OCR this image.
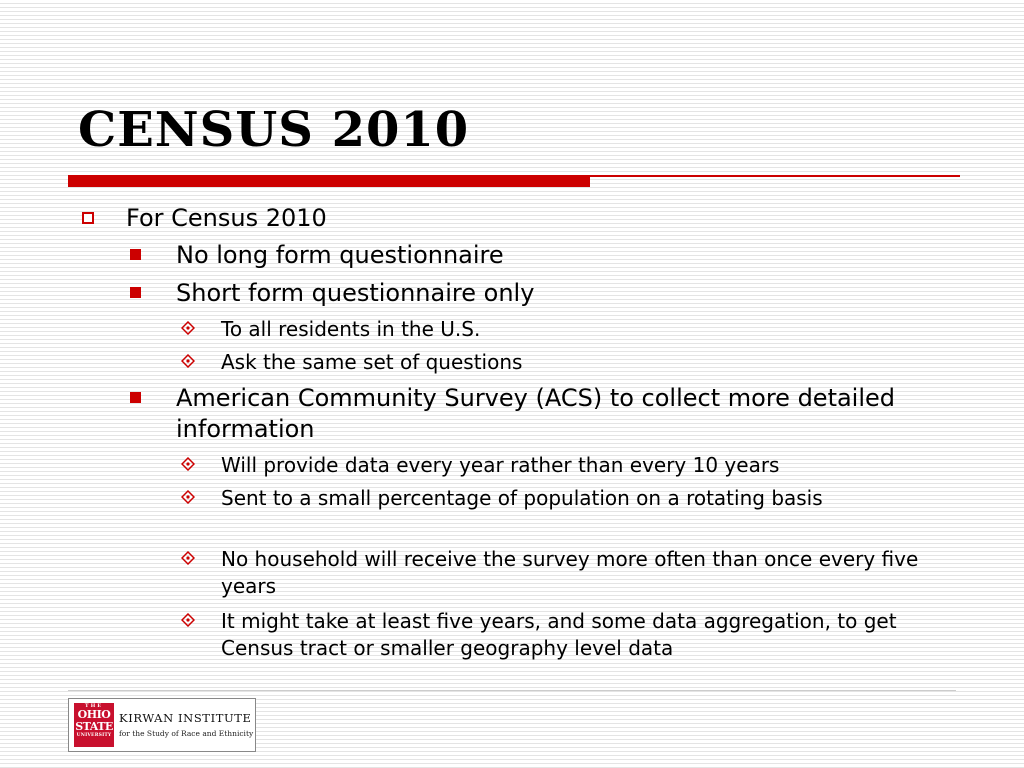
CENSUS 2010
For Census 2010
No long form questionnaire
Short form questionnaire only
To all residents in the U.S.
Ask the same set of questions
American Community Survey (ACS) to collect more detailed information
Will provide data every year rather than every 10 years
Sent to a small percentage of population on a rotating basis
No household will receive the survey more often than once every five years
It might take at least five years, and some data aggregation, to get Census tract or smaller geography level data
THE
OHIO
STATE
UNIVERSITY
KIRWAN INSTITUTE
for the Study of Race and Ethnicity
